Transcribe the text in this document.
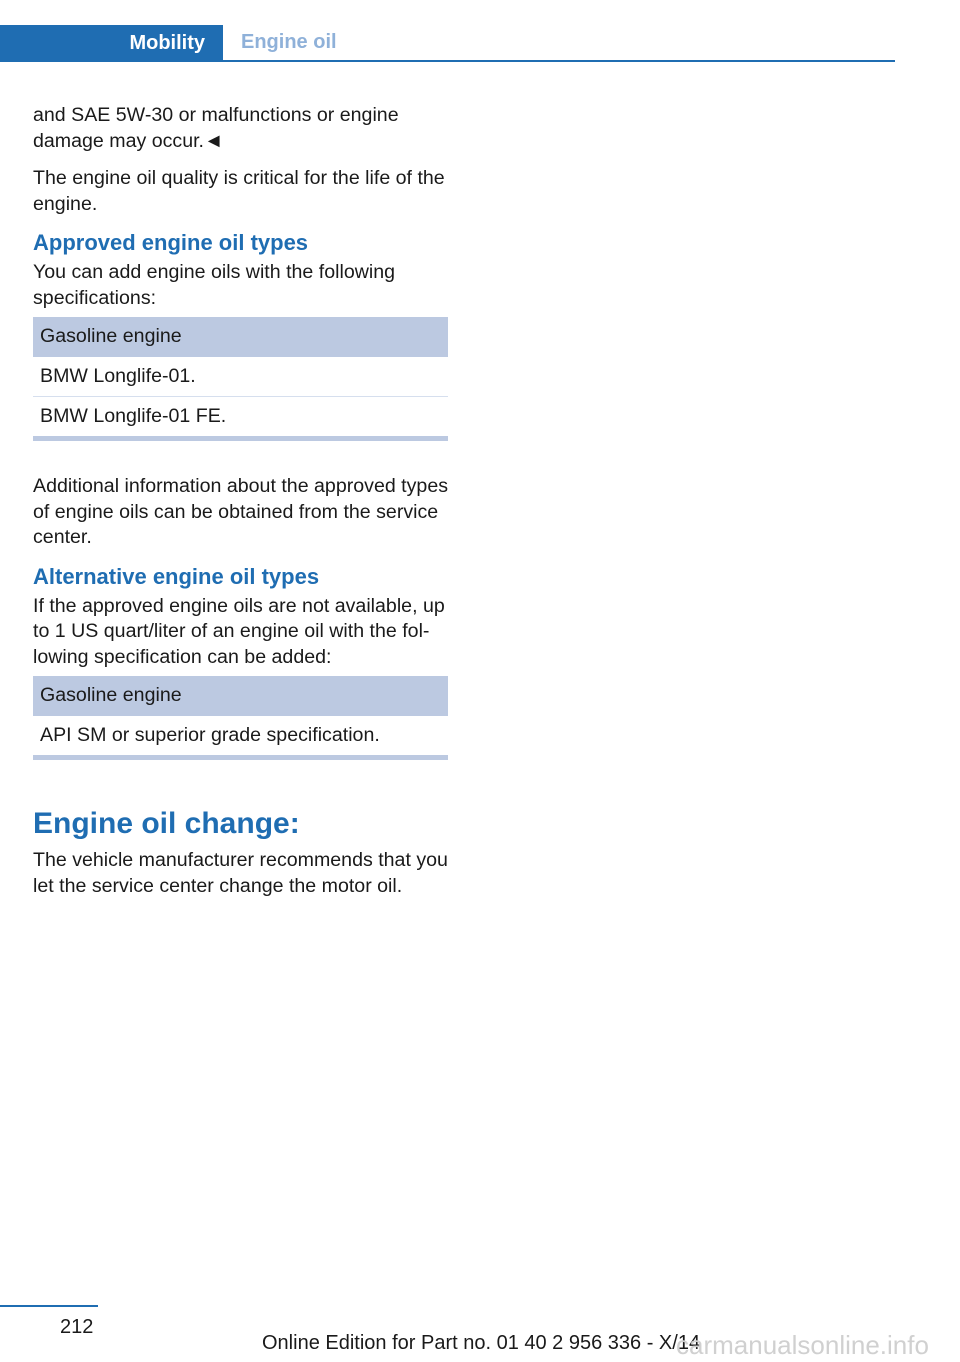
Mobility	Engine oil

and SAE 5W-30 or malfunctions or engine damage may occur.◄

The engine oil quality is critical for the life of the engine.

Approved engine oil types

You can add engine oils with the following specifications:

Gasoline engine
BMW Longlife-01.
BMW Longlife-01 FE.

Additional information about the approved types of engine oils can be obtained from the service center.

Alternative engine oil types

If the approved engine oils are not available, up to 1 US quart/liter of an engine oil with the fol‐lowing specification can be added:

Gasoline engine
API SM or superior grade specification.
Engine oil change:

The vehicle manufacturer recommends that you let the service center change the motor oil.

212
Online Edition for Part no. 01 40 2 956 336 - X/14
carmanualsonline.info
